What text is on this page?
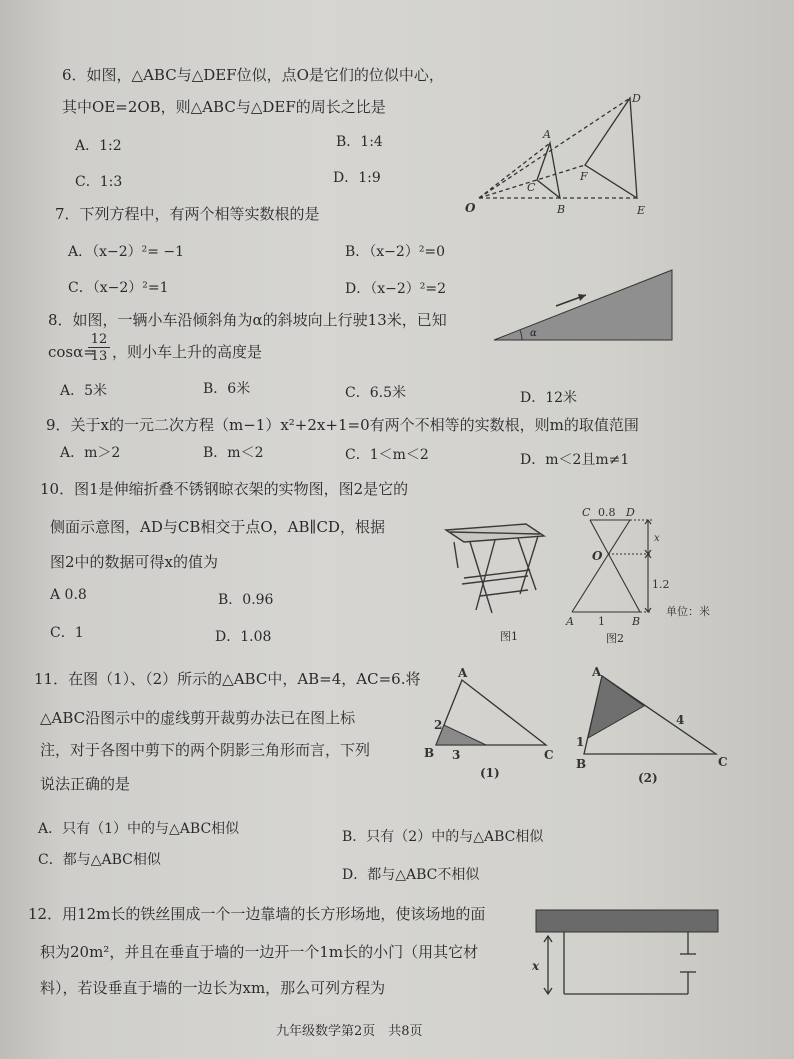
6．如图，△ABC与△DEF位似，点O是它们的位似中心，
其中OE=2OB，则△ABC与△DEF的周长之比是
A．1:2	B．1:4
C．1:3	D．1:9
O
A
B
C
D
E
F
7．下列方程中，有两个相等实数根的是
A．（x−2）²= −1	B．（x−2）²=0
C．（x−2）²=1	D．（x−2）²=2
8．如图，一辆小车沿倾斜角为α的斜坡向上行驶13米，已知
cosα=
12
13 ，则小车上升的高度是
A．5米	B．6米	C．6.5米	D．12米
α
9．关于x的一元二次方程（m−1）x²+2x+1=0有两个不相等的实数根，则m的取值范围
A．m＞2	B．m＜2	C．1＜m＜2	D．m＜2且m≠1
10．图1是伸缩折叠不锈钢晾衣架的实物图，图2是它的
侧面示意图，AD与CB相交于点O，AB∥CD，根据
图2中的数据可得x的值为
A 0.8	B．0.96
C．1	D．1.08	图1
C 0.8 D
O
x
1.2
A 1 B
单位：米
图2
11．在图（1）、（2）所示的△ABC中，AB=4，AC=6.将
△ABC沿图示中的虚线剪开裁剪办法已在图上标
注，对于各图中剪下的两个阴影三角形而言，下列
说法正确的是
A．只有（1）中的与△ABC相似	B．只有（2）中的与△ABC相似
C．都与△ABC相似
D．都与△ABC不相似
A
B	C
2
3
(1)
A
B	C
1
4
(2)
12．用12m长的铁丝围成一个一边靠墙的长方形场地，使该场地的面
积为20m²，并且在垂直于墙的一边开一个1m长的小门（用其它材
料），若设垂直于墙的一边长为xm，那么可列方程为
x
九年级数学第2页　共8页
